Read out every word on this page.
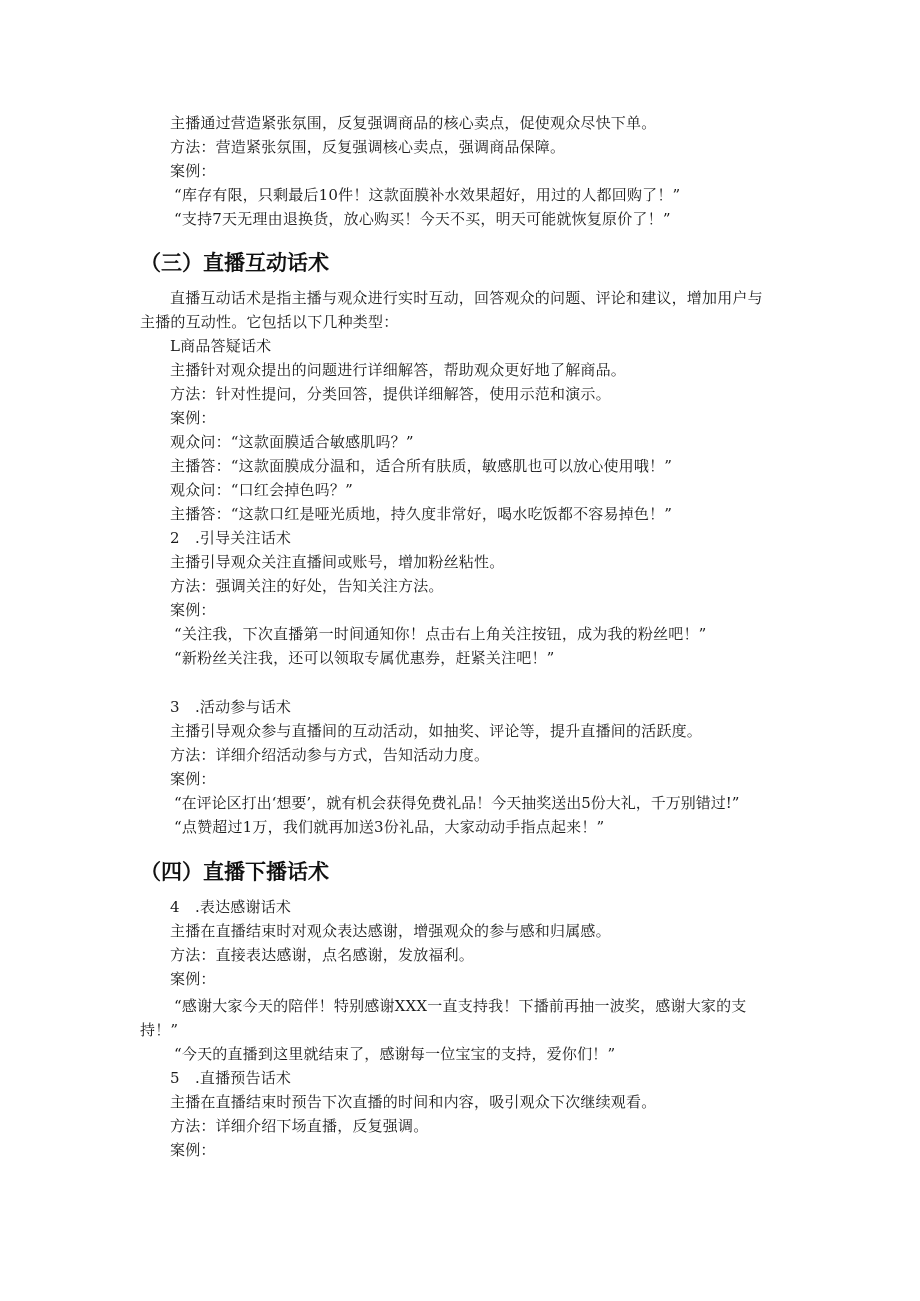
主播通过营造紧张氛围，反复强调商品的核心卖点，促使观众尽快下单。
方法：营造紧张氛围，反复强调核心卖点，强调商品保障。
案例：
“库存有限，只剩最后10件！这款面膜补水效果超好，用过的人都回购了！”
“支持7天无理由退换货，放心购买！今天不买，明天可能就恢复原价了！”
（三）直播互动话术
直播互动话术是指主播与观众进行实时互动，回答观众的问题、评论和建议，增加用户与
主播的互动性。它包括以下几种类型：
L商品答疑话术
主播针对观众提出的问题进行详细解答，帮助观众更好地了解商品。
方法：针对性提问，分类回答，提供详细解答，使用示范和演示。
案例：
观众问：“这款面膜适合敏感肌吗？”
主播答：“这款面膜成分温和，适合所有肤质，敏感肌也可以放心使用哦！”
观众问：“口红会掉色吗？”
主播答：“这款口红是哑光质地，持久度非常好，喝水吃饭都不容易掉色！”
2　.引导关注话术
主播引导观众关注直播间或账号，增加粉丝粘性。
方法：强调关注的好处，告知关注方法。
案例：
“关注我，下次直播第一时间通知你！点击右上角关注按钮，成为我的粉丝吧！”
“新粉丝关注我，还可以领取专属优惠券，赶紧关注吧！”
3　.活动参与话术
主播引导观众参与直播间的互动活动，如抽奖、评论等，提升直播间的活跃度。
方法：详细介绍活动参与方式，告知活动力度。
案例：
“在评论区打出‘想要’，就有机会获得免费礼品！今天抽奖送出5份大礼，千万别错过!”
“点赞超过1万，我们就再加送3份礼品，大家动动手指点起来！”
（四）直播下播话术
4　.表达感谢话术
主播在直播结束时对观众表达感谢，增强观众的参与感和归属感。
方法：直接表达感谢，点名感谢，发放福利。
案例：
“感谢大家今天的陪伴！特别感谢XXX一直支持我！下播前再抽一波奖，感谢大家的支
持！”
“今天的直播到这里就结束了，感谢每一位宝宝的支持，爱你们！”
5　.直播预告话术
主播在直播结束时预告下次直播的时间和内容，吸引观众下次继续观看。
方法：详细介绍下场直播，反复强调。
案例：
